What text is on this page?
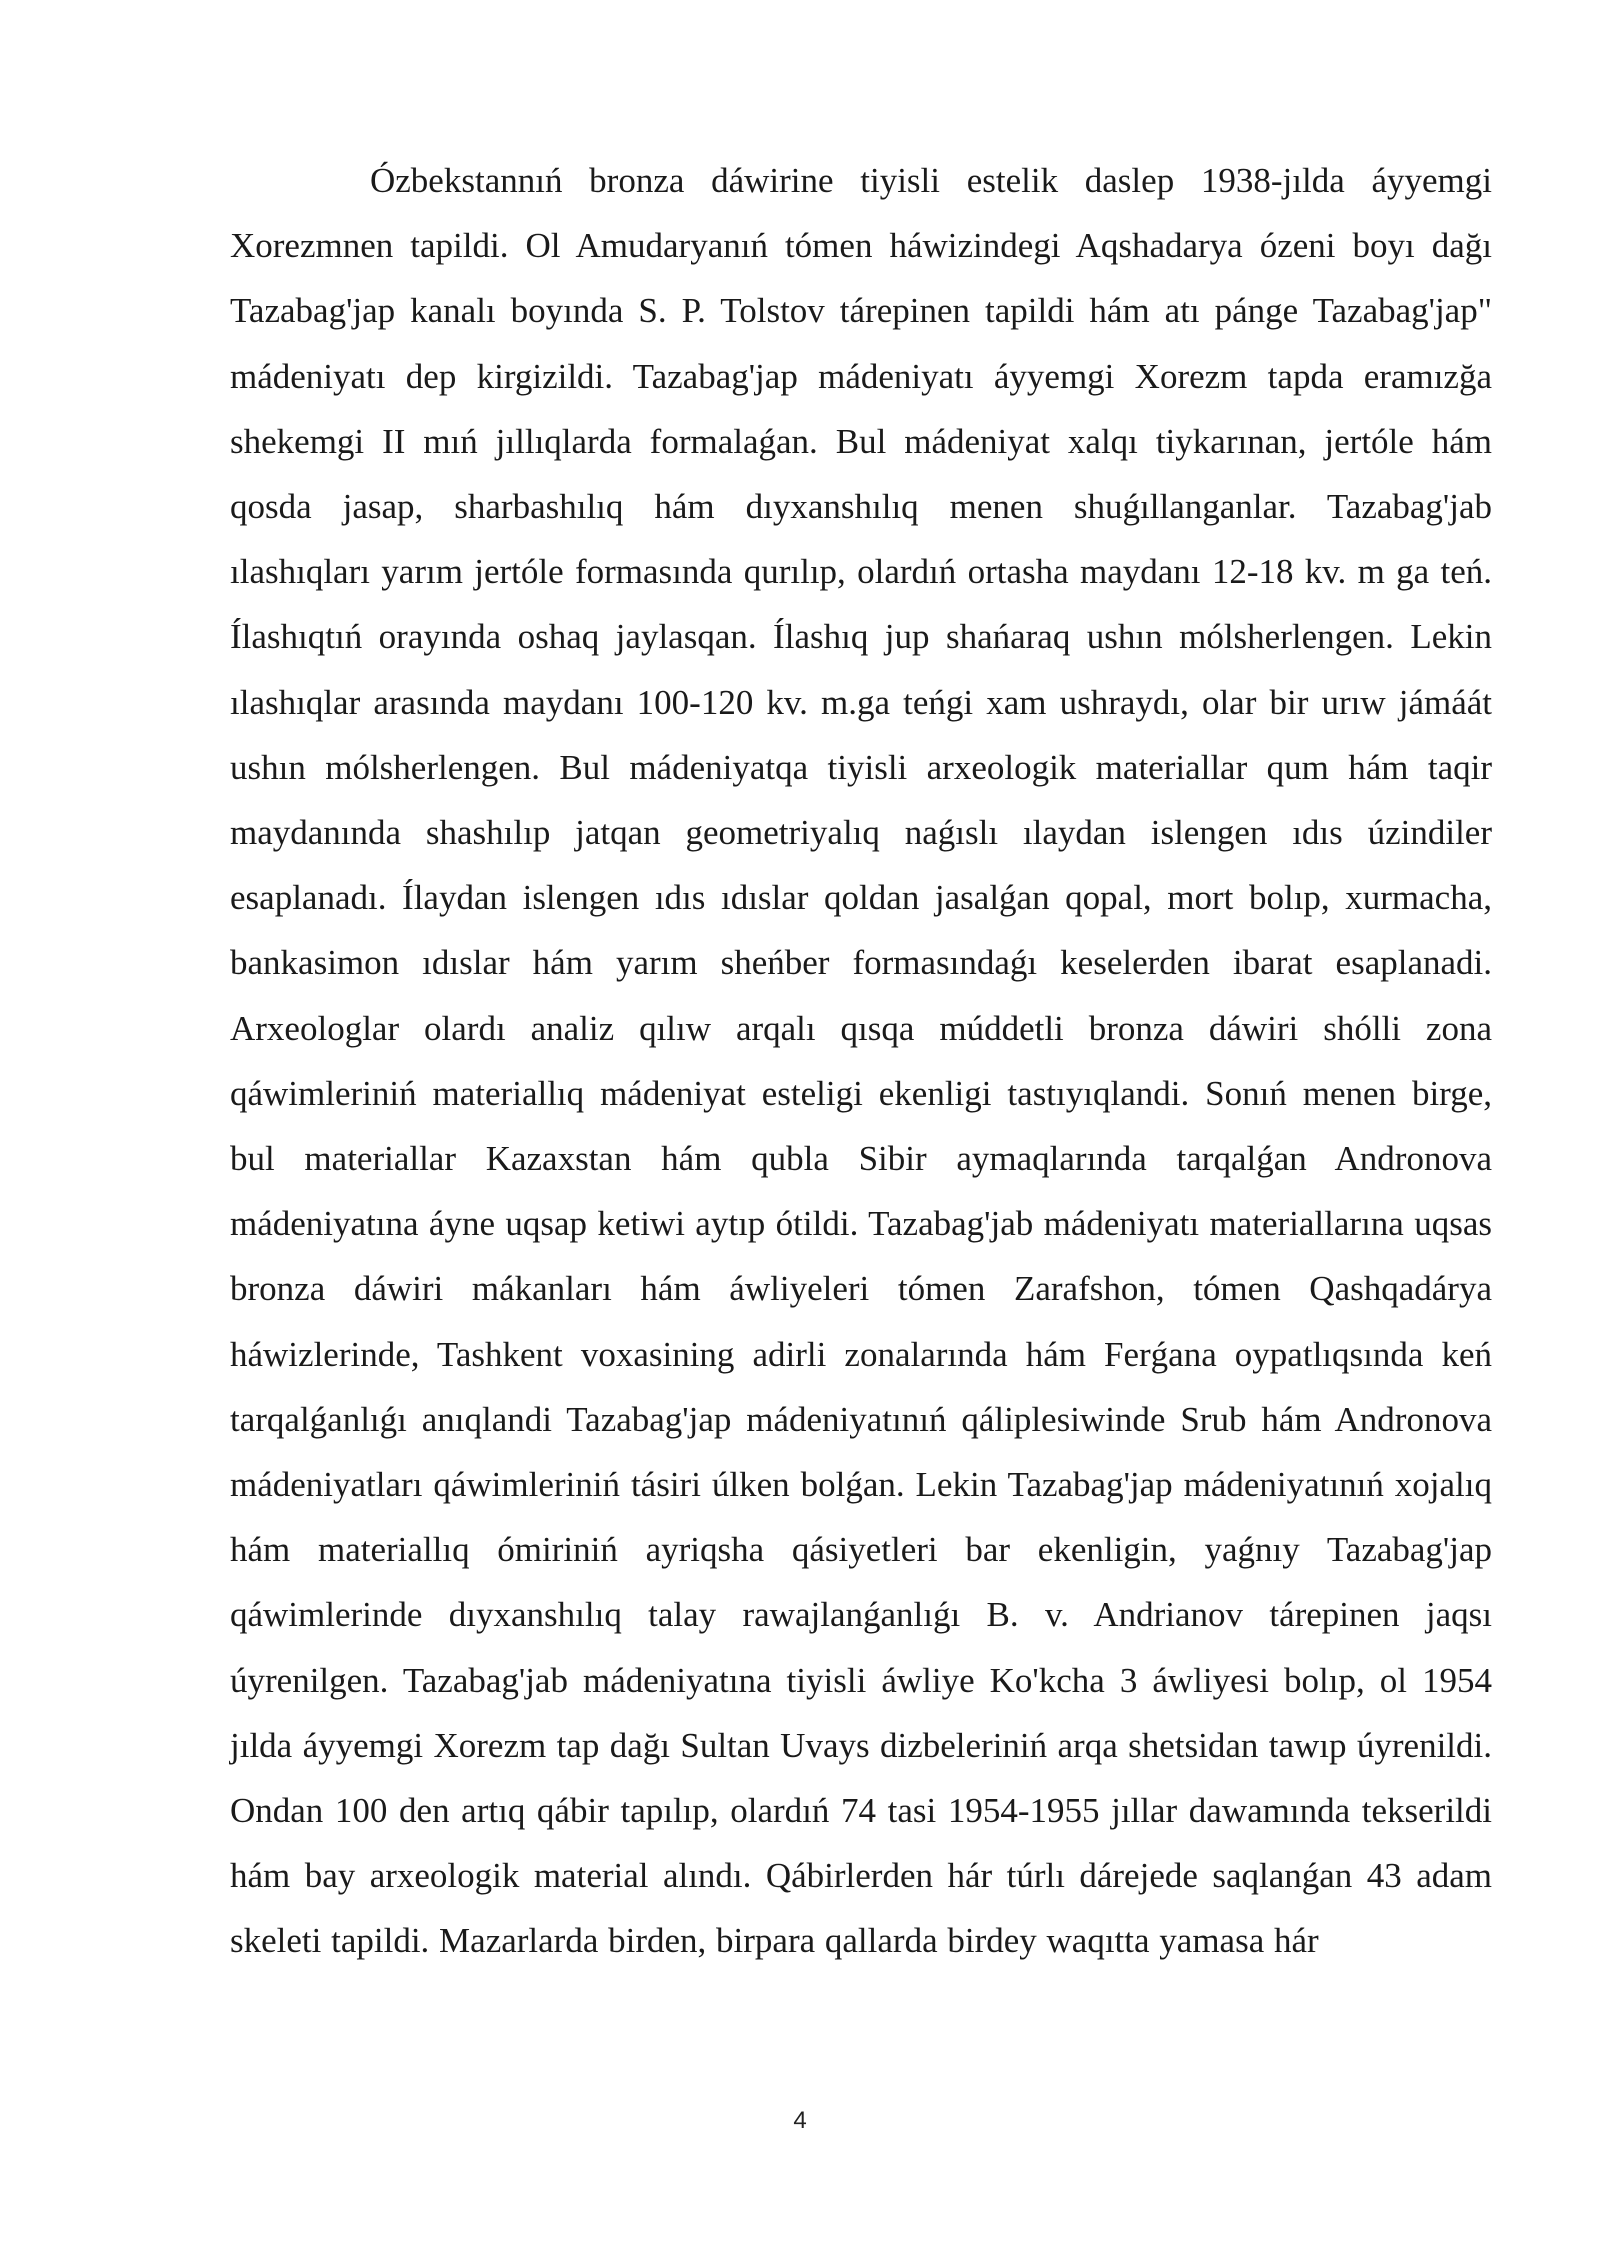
Ózbekstannıń bronza dáwirine tiyisli estelik daslep 1938-jılda áyyemgi Xorezmnen tapildi. Ol Amudaryanıń tómen háwizindegi Aqshadarya ózeni boyı dağı Tazabag'jap kanalı boyında S. P. Tolstov tárepinen tapildi hám atı pánge Tazabag'jap" mádeniyatı dep kirgizildi. Tazabag'jap mádeniyatı áyyemgi Xorezm tapda eramızğa shekemgi II mıń jıllıqlarda formalaǵan. Bul mádeniyat xalqı tiykarınan, jertóle hám qosda jasap, sharbashılıq hám dıyxanshılıq menen shuǵıllanganlar. Tazabag'jab ılashıqları yarım jertóle formasında qurılıp, olardıń ortasha maydanı 12-18 kv. m ga teń. Ílashıqtıń orayında oshaq jaylasqan. Ílashıq jup shańaraq ushın mólsherlengen. Lekin ılashıqlar arasında maydanı 100-120 kv. m.ga teńgi xam ushraydı, olar bir urıw jámáát ushın mólsherlengen. Bul mádeniyatqa tiyisli arxeologik materiallar qum hám taqir maydanında shashılıp jatqan geometriyalıq naǵıslı ılaydan islengen ıdıs úzindiler esaplanadı. Ílaydan islengen ıdıs ıdıslar qoldan jasalǵan qopal, mort bolıp, xurmacha, bankasimon ıdıslar hám yarım sheńber formasındaǵı keselerden ibarat esaplanadi. Arxeologlar olardı analiz qılıw arqalı qısqa múddetli bronza dáwiri shólli zona qáwimleriniń materiallıq mádeniyat esteligi ekenligi tastıyıqlandi. Sonıń menen birge, bul materiallar Kazaxstan hám qubla Sibir aymaqlarında tarqalǵan Andronova mádeniyatına áyne uqsap ketiwi aytıp ótildi. Tazabag'jab mádeniyatı materiallarına uqsas bronza dáwiri mákanları hám áwliyeleri tómen Zarafshon, tómen Qashqadárya háwizlerinde, Tashkent voxasining adirli zonalarında hám Ferǵana oypatlıqsında keń tarqalǵanlıǵı anıqlandi Tazabag'jap mádeniyatınıń qáliplesiwinde Srub hám Andronova mádeniyatları qáwimleriniń tásiri úlken bolǵan. Lekin Tazabag'jap mádeniyatınıń xojalıq hám materiallıq ómiriniń ayriqsha qásiyetleri bar ekenligin, yaǵnıy Tazabag'jap qáwimlerinde dıyxanshılıq talay rawajlanǵanlıǵı B. v. Andrianov tárepinen jaqsı úyrenilgen. Tazabag'jab mádeniyatına tiyisli áwliye Ko'kcha 3 áwliyesi bolıp, ol 1954 jılda áyyemgi Xorezm tap dağı Sultan Uvays dizbeleriniń arqa shetsidan tawıp úyrenildi. Ondan 100 den artıq qábir tapılıp, olardıń 74 tasi 1954-1955 jıllar dawamında tekserildi hám bay arxeologik material alındı. Qábirlerden hár túrlı dárejede saqlanǵan 43 adam skeleti tapildi. Mazarlarda birden, birpara qallarda birdey waqıtta yamasa hár

4
